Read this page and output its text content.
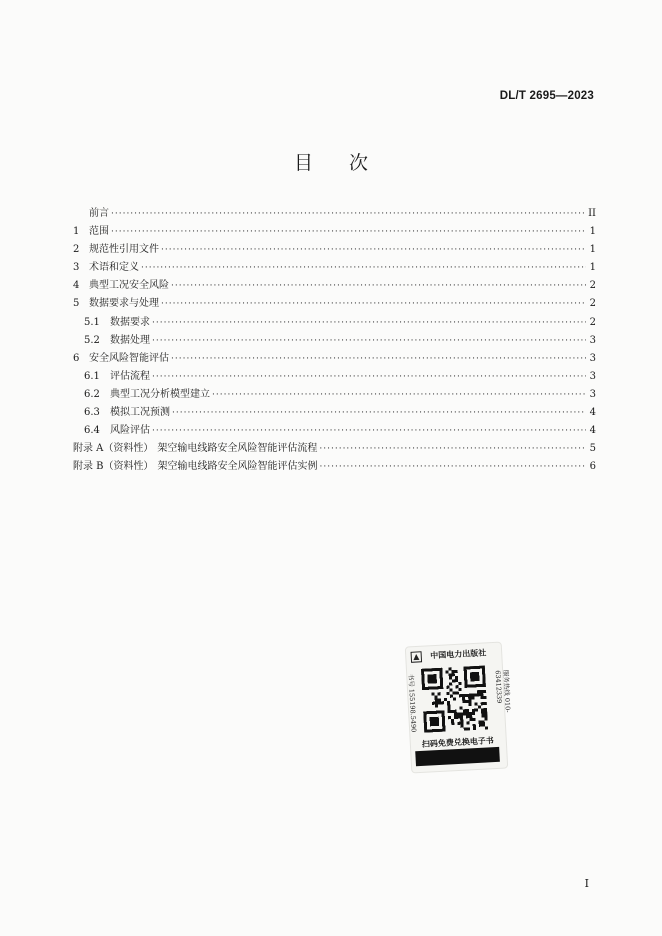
DL/T 2695—2023
目次
前言 ·····	II
1 范围 ·····	1
2 规范性引用文件 ·····	1
3 术语和定义 ·····	1
4 典型工况安全风险 ·····	2
5 数据要求与处理 ·····	2
5.1	数据要求 ·····	2
5.2	数据处理 ·····	3
6 安全风险智能评估 ·····	3
6.1	评估流程 ·····	3
6.2	典型工况分析模型建立 ·····	3
6.3	模拟工况预测 ·····	4
6.4	风险评估 ·····	4
附录 A（资料性） 架空输电线路安全风险智能评估流程 ·····	5
附录 B（资料性） 架空输电线路安全风险智能评估实例 ·····	6
中国电力出版社
书号 155198.5490	服务热线 010-63412339
扫码免费兑换电子书
I
